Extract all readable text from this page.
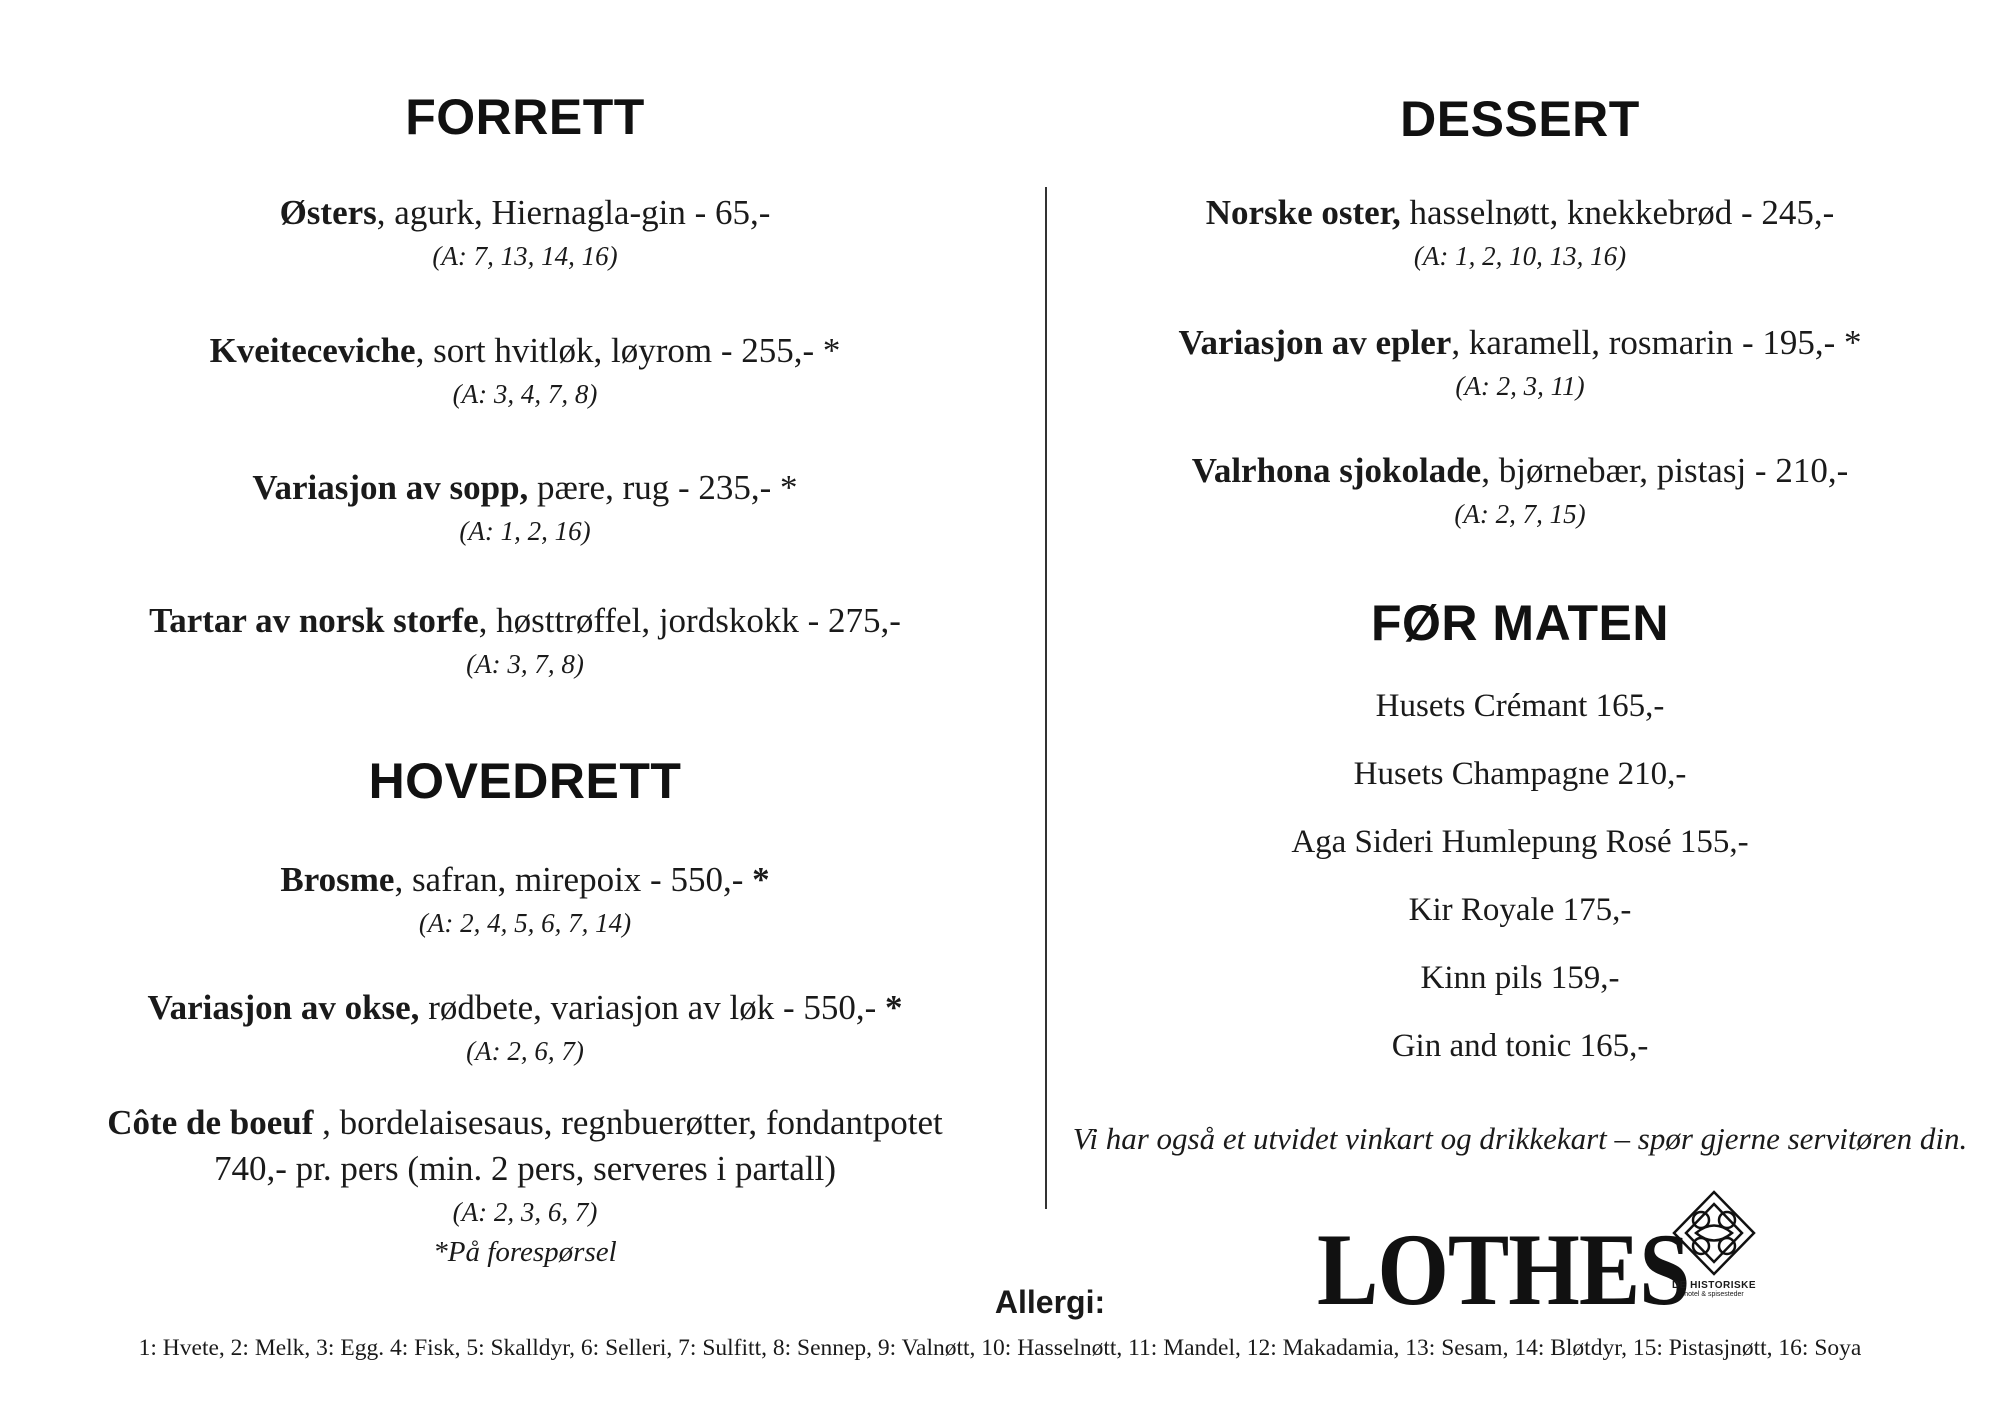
FORRETT
Østers, agurk, Hiernagla-gin - 65,-
(A: 7, 13, 14, 16)
Kveiteceviche, sort hvitløk, løyrom - 255,- *
(A: 3, 4, 7, 8)
Variasjon av sopp, pære, rug - 235,- *
(A: 1, 2, 16)
Tartar av norsk storfe, høsttrøffel, jordskokk - 275,-
(A: 3, 7, 8)
HOVEDRETT
Brosme, safran, mirepoix - 550,- *
(A: 2, 4, 5, 6, 7, 14)
Variasjon av okse, rødbete, variasjon av løk - 550,- *
(A: 2, 6, 7)
Côte de boeuf , bordelaisesaus, regnbuerøtter, fondantpotet
740,- pr. pers (min. 2 pers, serveres i partall)
(A: 2, 3, 6, 7)
*På forespørsel
DESSERT
Norske oster, hasselnøtt, knekkebrød - 245,-
(A: 1, 2, 10, 13, 16)
Variasjon av epler, karamell, rosmarin - 195,- *
(A: 2, 3, 11)
Valrhona sjokolade, bjørnebær, pistasj - 210,-
(A: 2, 7, 15)
FØR MATEN
Husets Crémant 165,-
Husets Champagne 210,-
Aga Sideri Humlepung Rosé 155,-
Kir Royale 175,-
Kinn pils 159,-
Gin and tonic 165,-
Vi har også et utvidet vinkart og drikkekart – spør gjerne servitøren din.
LOTHES
DE HISTORISKE
hotel & spisesteder
Allergi:
1: Hvete, 2: Melk, 3: Egg. 4: Fisk, 5: Skalldyr, 6: Selleri, 7: Sulfitt, 8: Sennep, 9: Valnøtt, 10: Hasselnøtt, 11: Mandel, 12: Makadamia, 13: Sesam, 14: Bløtdyr, 15: Pistasjnøtt, 16: Soya
